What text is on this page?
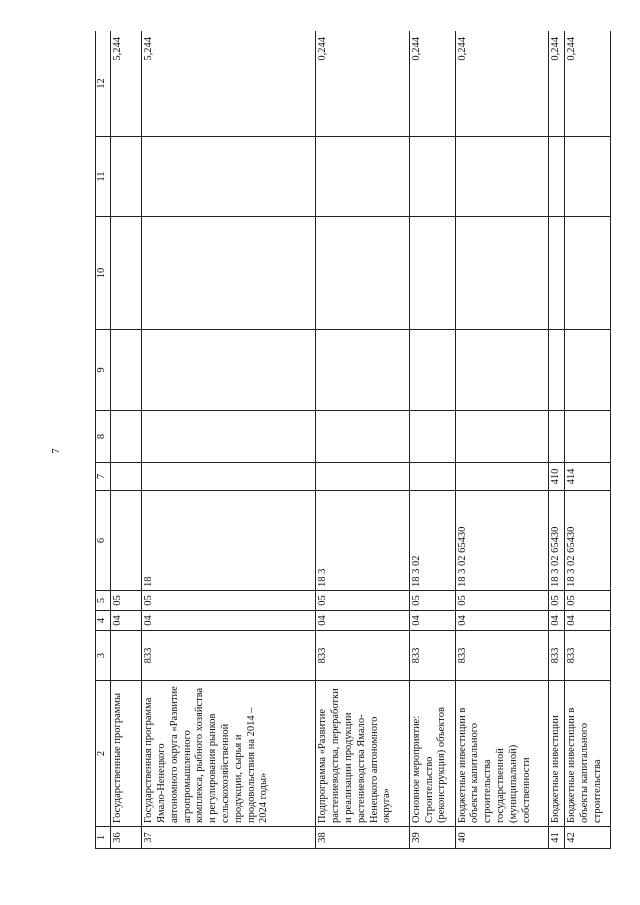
7
1	2	3	4	5	6	7	8	9	10	11	12
36	Государственные программы		04	05							5,244
37	Государственная программа Ямало-Ненецкого автономного округа «Развитие агропромышленного комплекса, рыбного хозяйства и регулирования рынков сельскохозяйственной продукции, сырья и продовольствия на 2014 – 2024 годы»	833	04	05	18						5,244
38	Подпрограмма «Развитие растениеводства, переработки и реализации продукции растениеводства Ямало-Ненецкого автономного округа»	833	04	05	18 3						0,244
39	Основное мероприятие: Строительство (реконструкция) объектов	833	04	05	18 3 02						0,244
40	Бюджетные инвестиции в объекты капитального строительства государственной (муниципальной) собственности	833	04	05	18 3 02 65430						0,244
41	Бюджетные инвестиции	833	04	05	18 3 02 65430	410					0,244
42	Бюджетные инвестиции в объекты капитального строительства	833	04	05	18 3 02 65430	414					0,244
